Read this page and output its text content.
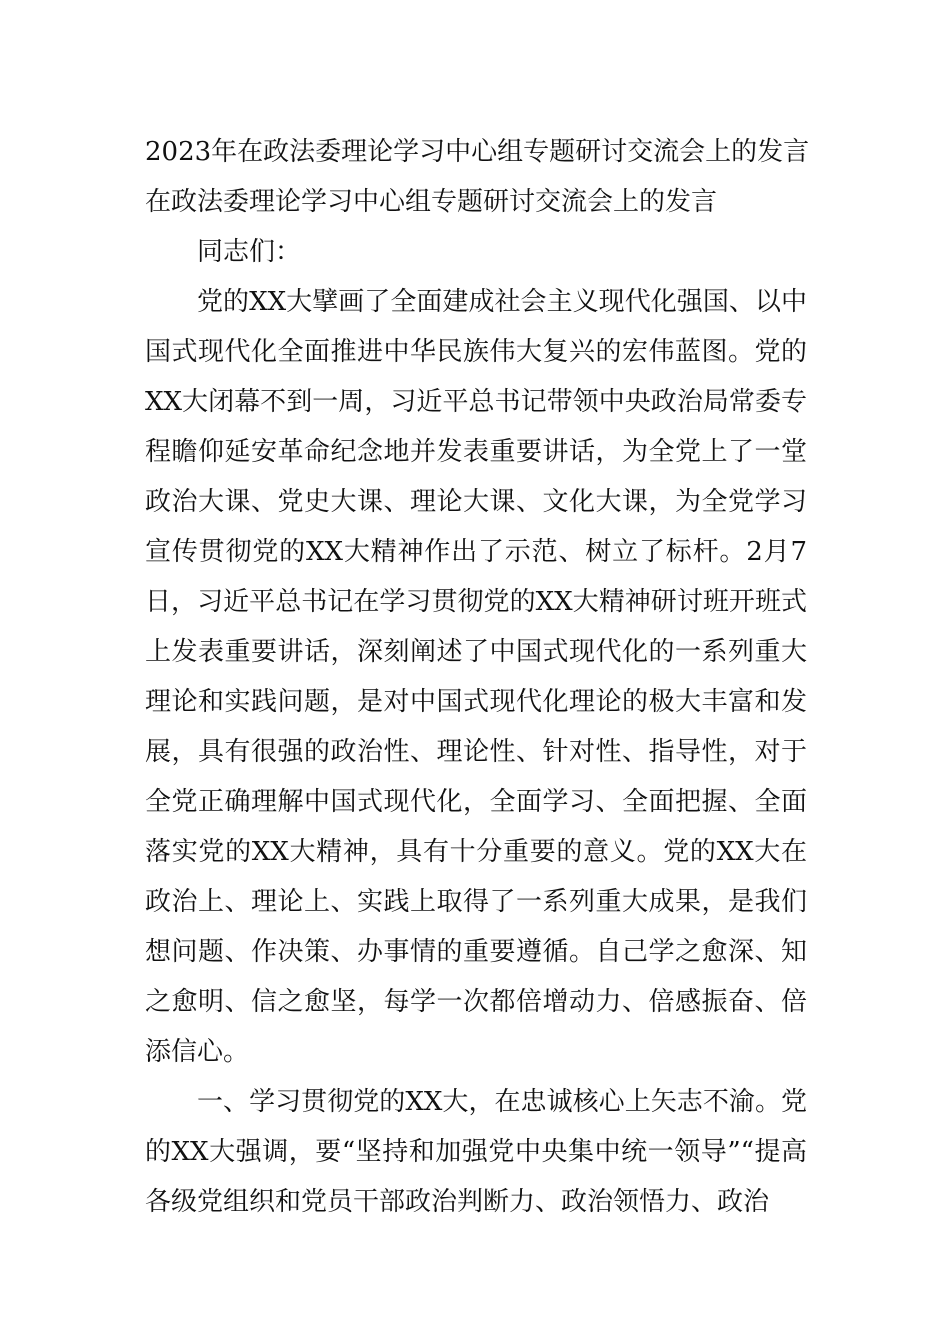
2023年在政法委理论学习中心组专题研讨交流会上的发言

在政法委理论学习中心组专题研讨交流会上的发言

同志们：

党的XX大擘画了全面建成社会主义现代化强国、以中国式现代化全面推进中华民族伟大复兴的宏伟蓝图。党的XX大闭幕不到一周，习近平总书记带领中央政治局常委专程瞻仰延安革命纪念地并发表重要讲话，为全党上了一堂政治大课、党史大课、理论大课、文化大课，为全党学习宣传贯彻党的XX大精神作出了示范、树立了标杆。2月7日，习近平总书记在学习贯彻党的XX大精神研讨班开班式上发表重要讲话，深刻阐述了中国式现代化的一系列重大理论和实践问题，是对中国式现代化理论的极大丰富和发展，具有很强的政治性、理论性、针对性、指导性，对于全党正确理解中国式现代化，全面学习、全面把握、全面落实党的XX大精神，具有十分重要的意义。党的XX大在政治上、理论上、实践上取得了一系列重大成果，是我们想问题、作决策、办事情的重要遵循。自己学之愈深、知之愈明、信之愈坚，每学一次都倍增动力、倍感振奋、倍添信心。

一、学习贯彻党的XX大，在忠诚核心上矢志不渝。党的XX大强调，要“坚持和加强党中央集中统一领导”“提高各级党组织和党员干部政治判断力、政治领悟力、政治
